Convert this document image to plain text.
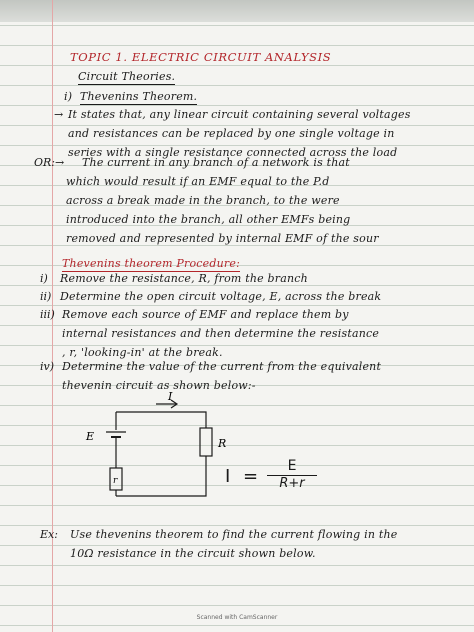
TOPIC 1. ELECTRIC CIRCUIT ANALYSIS
Circuit Theories.
i) Thevenins Theorem.
→ It states that, any linear circuit containing several voltages
and resistances can be replaced by one single voltage in
series with a single resistance connected across the load
OR:→ The current in any branch of a network is that
which would result if an EMF equal to the P.d
across a break made in the branch, to the were
introduced into the branch, all other EMFs being
removed and represented by internal EMF of the sour
Thevenins theorem Procedure:
i) Remove the resistance, R, from the branch
ii) Determine the open circuit voltage, E, across the break
iii) Remove each source of EMF and replace them by
internal resistances and then determine the resistance
, r, 'looking-in' at the break.
iv) Determine the value of the current from the equivalent
thevenin circuit as shown below:-
I
E
R
r	$I = \frac{E}{R+r}$
Ex: Use thevenins theorem to find the current flowing in the
10Ω resistance in the circuit shown below.
Scanned with CamScanner
